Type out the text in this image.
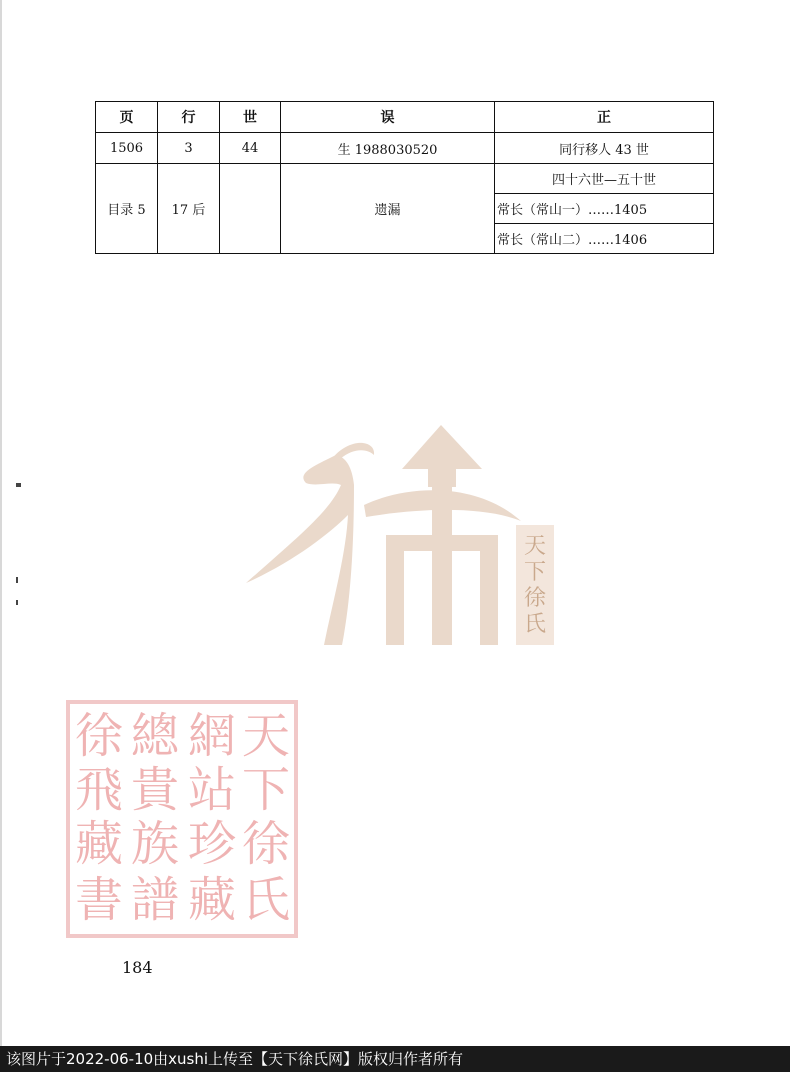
页	行	世	误	正
1506	3	44	生 1988030520	同行移人 43 世
目录 5	17 后		遗漏	四十六世—五十世
				常长（常山一）……1405
				常长（常山二）……1406
天
下
徐
氏
天
下
徐
氏
網
站
珍
藏
總
貴
族
譜
徐
飛
藏
書
184
该图片于2022-06-10由xushi上传至【天下徐氏网】版权归作者所有
